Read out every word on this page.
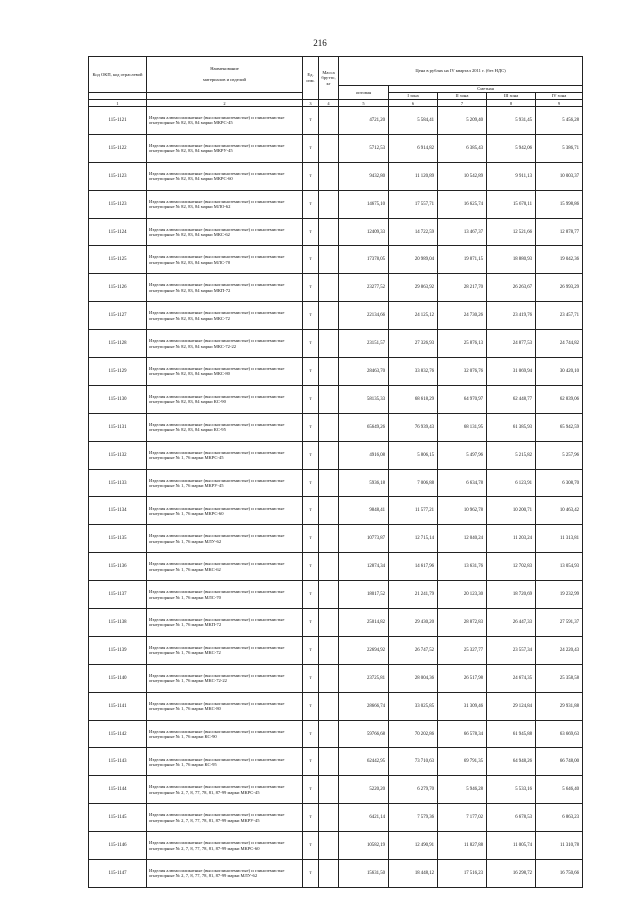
216
Код ОКП, код отраслевой	Наименование

материалов и изделий	Ед. изм.	Масса брутто, кг	Цена в рублях на IV квартал 2011 г. (без НДС)				
				оптовая	Сметная			
					I зона	II зона	III зона	IV зона
1	2	3	4	5	6	7	8	9
115-1121	Изделия алюмосиликатные (высокоглиноземистые) и глиноземистые огнеупорные № 82, 83, 84 марки МКРС-45	т		4721,20	5 584,41	5 209,40	5 931,45	5 456,28
115-1122	Изделия алюмосиликатные (высокоглиноземистые) и глиноземистые огнеупорные № 82, 83, 84 марки МКРУ-45	т		5712,53	6 914,82	6 385,43	5 942,06	5 386,71
115-1123	Изделия алюмосиликатные (высокоглиноземистые) и глиноземистые огнеупорные № 82, 83, 84 марки МКРС-60	т		9432,80	11 120,89	10 542,89	9 911,13	10 003,37
115-1123	Изделия алюмосиликатные (высокоглиноземистые) и глиноземистые огнеупорные № 82, 83, 84 марки МЛО-62	т		14675,10	17 557,71	16 625,74	15 670,11	15 998,86
115-1124	Изделия алюмосиликатные (высокоглиноземистые) и глиноземистые огнеупорные № 82, 83, 84 марки МКС-62	т		12409,33	14 722,59	13 467,37	12 521,66	12 878,77
115-1125	Изделия алюмосиликатные (высокоглиноземистые) и глиноземистые огнеупорные № 82, 83, 84 марки МЛС-70	т		17378,05	20 989,04	19 871,15	18 880,93	19 042,36
115-1126	Изделия алюмосиликатные (высокоглиноземистые) и глиноземистые огнеупорные № 82, 83, 84 марки МКП-72	т		23277,52	29 863,92	28 217,70	26 263,67	26 993,29
115-1127	Изделия алюмосиликатные (высокоглиноземистые) и глиноземистые огнеупорные № 82, 83, 84 марки МКС-72	т		22134,66	24 125,12	24 730,26	23 419,76	23 457,71
115-1128	Изделия алюмосиликатные (высокоглиноземистые) и глиноземистые огнеупорные № 82, 83, 84 марки МКС-72-22	т		23151,57	27 326,93	25 876,13	24 877,53	24 744,82
115-1129	Изделия алюмосиликатные (высокоглиноземистые) и глиноземистые огнеупорные № 82, 83, 84 марки МКС-80	т		28463,70	33 832,76	32 076,76	31 069,94	30 420,10
115-1130	Изделия алюмосиликатные (высокоглиноземистые) и глиноземистые огнеупорные № 82, 83, 84 марки КС-90	т		58135,33	68 618,29	64 970,97	62 448,77	62 839,06
115-1131	Изделия алюмосиликатные (высокоглиноземистые) и глиноземистые огнеупорные № 82, 83, 84 марки КС-95	т		65649,26	76 939,43	68 131,95	61 385,93	65 942,59
115-1132	Изделия алюмосиликатные (высокоглиноземистые) и глиноземистые огнеупорные № 1, 76 марки МКРС-45	т		4916,08	5 806,15	5 497,96	5 215,82	5 257,96
115-1133	Изделия алюмосиликатные (высокоглиноземистые) и глиноземистые огнеупорные № 1, 76 марки МКРУ-45	т		5936,18	7 006,88	6 634,78	6 123,91	6 308,70
115-1134	Изделия алюмосиликатные (высокоглиноземистые) и глиноземистые огнеупорные № 1, 76 марки МКРС-60	т		9848,41	11 577,21	10 962,78	10 200,71	10 463,42
115-1135	Изделия алюмосиликатные (высокоглиноземистые) и глиноземистые огнеупорные № 1, 76 марки МЛУ-62	т		10773,87	12 715,14	12 040,24	11 203,24	11 313,81
115-1136	Изделия алюмосиликатные (высокоглиноземистые) и глиноземистые огнеупорные № 1, 76 марки МКС-62	т		12874,34	14 617,96	13 631,76	12 702,83	13 054,93
115-1137	Изделия алюмосиликатные (высокоглиноземистые) и глиноземистые огнеупорные № 1, 76 марки МЛС-70	т		18017,52	21 241,79	20 123,30	18 720,69	19 232,99
115-1138	Изделия алюмосиликатные (высокоглиноземистые) и глиноземистые огнеупорные № 1, 76 марки МКП-72	т		25014,82	29 430,20	28 872,83	26 447,33	27 591,37
115-1139	Изделия алюмосиликатные (высокоглиноземистые) и глиноземистые огнеупорные № 1, 76 марки МКС-72	т		22694,92	26 747,52	25 327,77	23 557,34	24 220,43
115-1140	Изделия алюмосиликатные (высокоглиноземистые) и глиноземистые огнеупорные № 1, 76 марки МКС-72-22	т		23725,81	28 004,36	26 517,98	24 674,35	25 358,58
115-1141	Изделия алюмосиликатные (высокоглиноземистые) и глиноземистые огнеупорные № 1, 76 марки МКС-80	т		28666,74	33 025,85	31 309,46	29 124,84	29 931,88
115-1142	Изделия алюмосиликатные (высокоглиноземистые) и глиноземистые огнеупорные № 1, 76 марки КС-90	т		59766,68	70 202,86	66 578,34	61 945,88	63 669,63
115-1143	Изделия алюмосиликатные (высокоглиноземистые) и глиноземистые огнеупорные № 1, 76 марки КС-95	т		62442,95	73 710,63	69 791,35	64 948,26	66 748,00
115-1144	Изделия алюмосиликатные (высокоглиноземистые) и глиноземистые огнеупорные № 2, 7, 8, 77, 78, 81, 87-99 марки МКРС-45	т		5220,20	6 279,70	5 946,28	5 533,16	5 646,40
115-1145	Изделия алюмосиликатные (высокоглиноземистые) и глиноземистые огнеупорные № 2, 7, 8, 77, 78, 81, 87-99 марки МКРУ-45	т		6421,14	7 579,36	7 177,02	6 678,53	6 863,23
115-1146	Изделия алюмосиликатные (высокоглиноземистые) и глиноземистые огнеупорные № 2, 7, 8, 77, 78, 81, 87-99 марки МКРС-60	т		10582,19	12 490,91	11 827,88	11 005,74	11 310,78
115-1147	Изделия алюмосиликатные (высокоглиноземистые) и глиноземистые огнеупорные № 2, 7, 8, 77, 78, 81, 87-99 марки МЛУ-62	т		15631,50	18 448,12	17 516,23	16 298,72	16 750,66
